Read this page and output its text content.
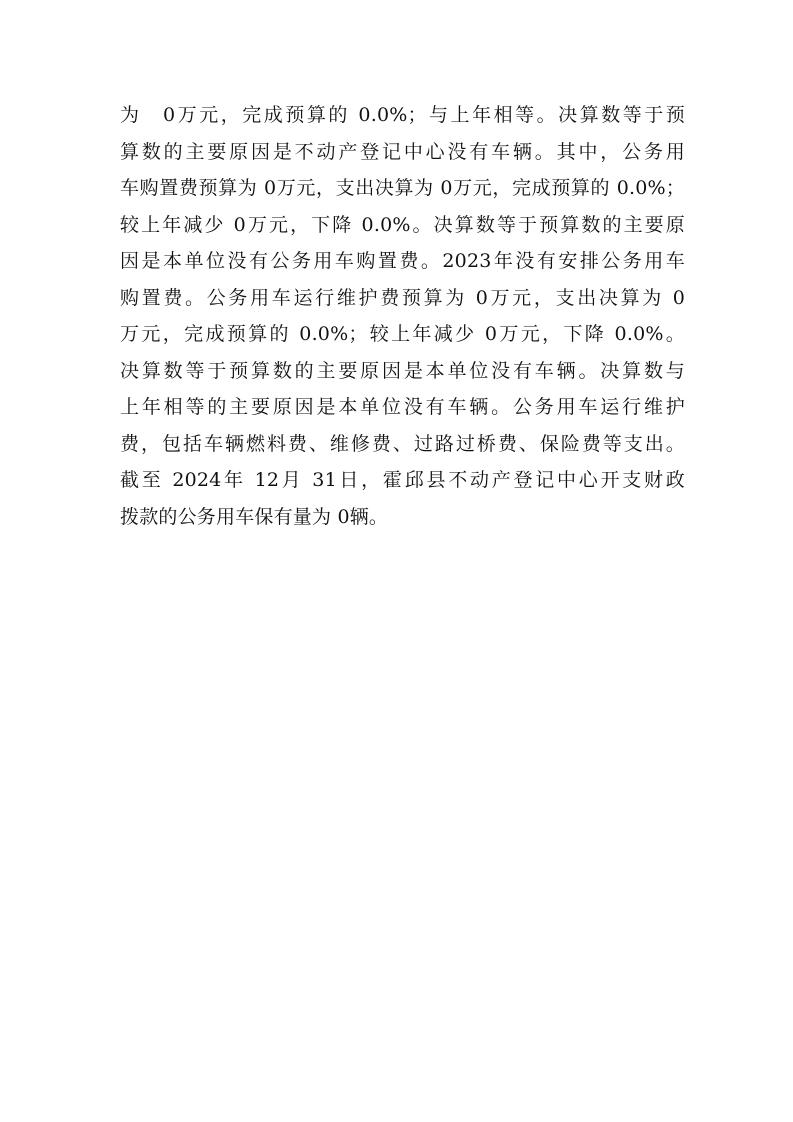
为　0万元，完成预算的 0.0%；与上年相等。决算数等于预
算数的主要原因是不动产登记中心没有车辆。其中，公务用
车购置费预算为 0万元，支出决算为 0万元，完成预算的 0.0%；
较上年减少 0万元，下降 0.0%。决算数等于预算数的主要原
因是本单位没有公务用车购置费。2023年没有安排公务用车
购置费。公务用车运行维护费预算为 0万元，支出决算为 0
万元，完成预算的 0.0%；较上年减少 0万元，下降 0.0%。
决算数等于预算数的主要原因是本单位没有车辆。决算数与
上年相等的主要原因是本单位没有车辆。公务用车运行维护
费，包括车辆燃料费、维修费、过路过桥费、保险费等支出。
截至 2024年 12月 31日，霍邱县不动产登记中心开支财政
拨款的公务用车保有量为 0辆。
